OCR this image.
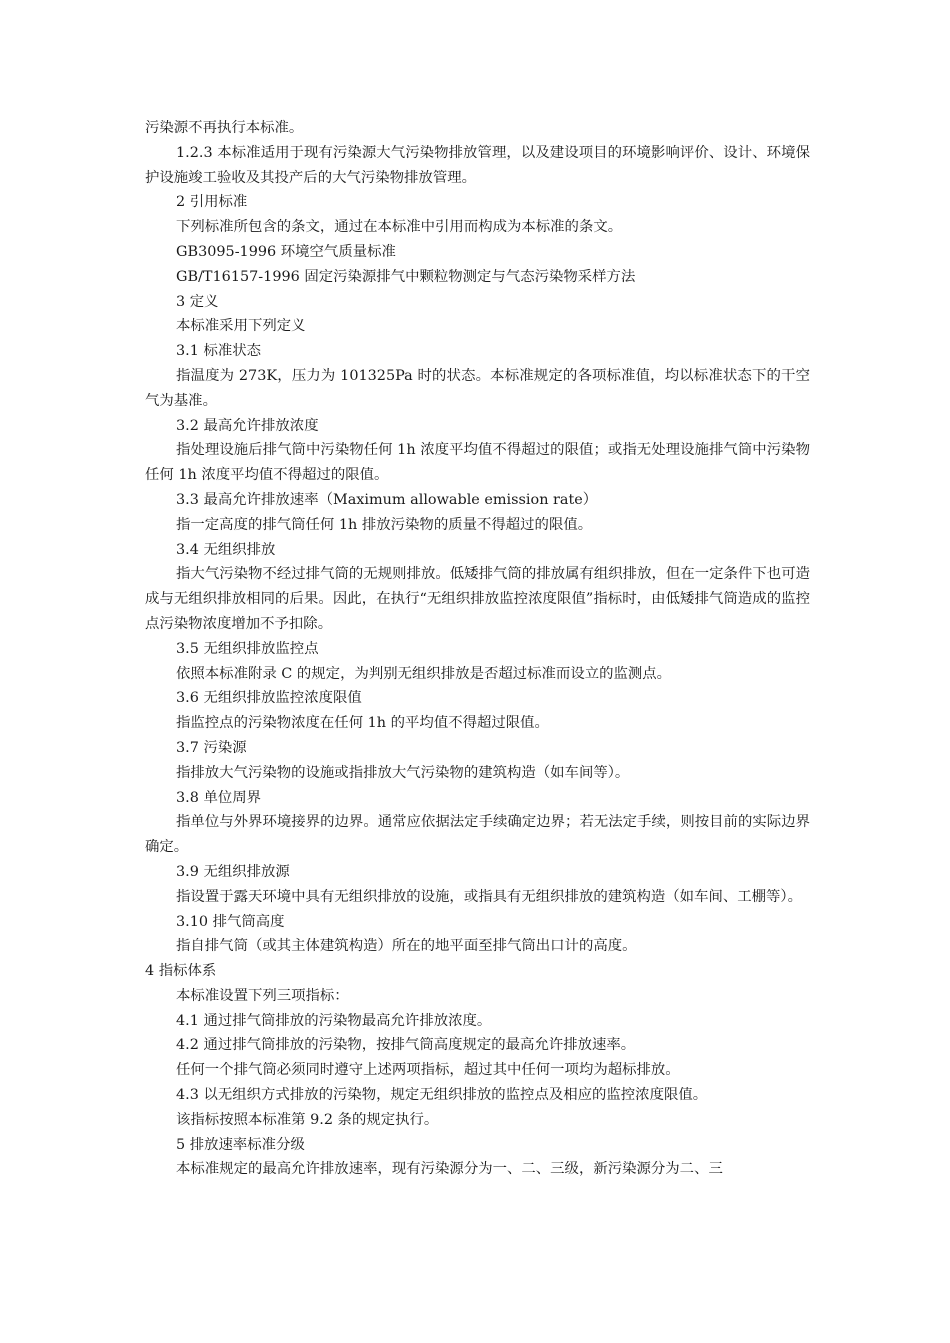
污染源不再执行本标准。

1.2.3 本标准适用于现有污染源大气污染物排放管理，以及建设项目的环境影响评价、设计、环境保护设施竣工验收及其投产后的大气污染物排放管理。

2 引用标准

下列标准所包含的条文，通过在本标准中引用而构成为本标准的条文。

GB3095-1996 环境空气质量标准

GB/T16157-1996 固定污染源排气中颗粒物测定与气态污染物采样方法

3 定义

本标准采用下列定义

3.1 标准状态

指温度为 273K，压力为 101325Pa 时的状态。本标准规定的各项标准值，均以标准状态下的干空气为基准。

3.2 最高允许排放浓度

指处理设施后排气筒中污染物任何 1h 浓度平均值不得超过的限值；或指无处理设施排气筒中污染物任何 1h 浓度平均值不得超过的限值。

3.3 最高允许排放速率（Maximum allowable emission rate）

指一定高度的排气筒任何 1h 排放污染物的质量不得超过的限值。

3.4 无组织排放

指大气污染物不经过排气筒的无规则排放。低矮排气筒的排放属有组织排放，但在一定条件下也可造成与无组织排放相同的后果。因此，在执行“无组织排放监控浓度限值”指标时，由低矮排气筒造成的监控点污染物浓度增加不予扣除。

3.5 无组织排放监控点

依照本标准附录 C 的规定，为判别无组织排放是否超过标准而设立的监测点。

3.6 无组织排放监控浓度限值

指监控点的污染物浓度在任何 1h 的平均值不得超过限值。

3.7 污染源

指排放大气污染物的设施或指排放大气污染物的建筑构造（如车间等）。

3.8 单位周界

指单位与外界环境接界的边界。通常应依据法定手续确定边界；若无法定手续，则按目前的实际边界确定。

3.9 无组织排放源

指设置于露天环境中具有无组织排放的设施，或指具有无组织排放的建筑构造（如车间、工棚等）。

3.10 排气筒高度

指自排气筒（或其主体建筑构造）所在的地平面至排气筒出口计的高度。

4 指标体系

本标准设置下列三项指标：

4.1 通过排气筒排放的污染物最高允许排放浓度。

4.2 通过排气筒排放的污染物，按排气筒高度规定的最高允许排放速率。

任何一个排气筒必须同时遵守上述两项指标，超过其中任何一项均为超标排放。

4.3 以无组织方式排放的污染物，规定无组织排放的监控点及相应的监控浓度限值。

该指标按照本标准第 9.2 条的规定执行。

5 排放速率标准分级

本标准规定的最高允许排放速率，现有污染源分为一、二、三级，新污染源分为二、三
